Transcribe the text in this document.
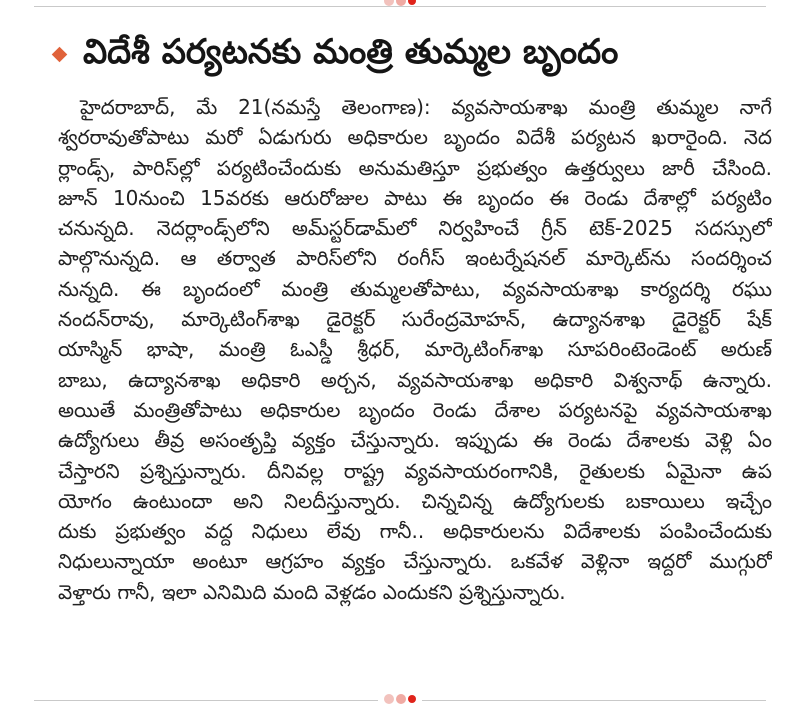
విదేశీ పర్యటనకు మంత్రి తుమ్మల బృందం
హైదరాబాద్, మే 21(నమస్తే తెలంగాణ): వ్యవసాయశాఖ మంత్రి తుమ్మల నాగే
శ్వరరావుతోపాటు మరో ఏడుగురు అధికారుల బృందం విదేశీ పర్యటన ఖరారైంది. నెద
ర్లాండ్స్, పారిస్‌ల్లో పర్యటించేందుకు అనుమతిస్తూ ప్రభుత్వం ఉత్తర్వులు జారీ చేసింది.
జూన్ 10నుంచి 15వరకు ఆరురోజుల పాటు ఈ బృందం ఈ రెండు దేశాల్లో పర్యటిం
చనున్నది. నెదర్లాండ్స్‌లోని అమ్‌స్టర్‌డామ్‌లో నిర్వహించే గ్రీన్ టెక్-2025 సదస్సులో
పాల్గొనున్నది. ఆ తర్వాత పారిస్‌లోని రంగీస్ ఇంటర్నేషనల్ మార్కెట్‌ను సందర్శించ
నున్నది. ఈ బృందంలో మంత్రి తుమ్మలతోపాటు, వ్యవసాయశాఖ కార్యదర్శి రఘు
నందన్‌రావు, మార్కెటింగ్‌శాఖ డైరెక్టర్ సురేంద్రమోహన్, ఉద్యానశాఖ డైరెక్టర్ షేక్
యాస్మిన్ భాషా, మంత్రి ఓఎస్డీ శ్రీధర్, మార్కెటింగ్‌శాఖ సూపరింటెండెంట్ అరుణ్
బాబు, ఉద్యానశాఖ అధికారి అర్చన, వ్యవసాయశాఖ అధికారి విశ్వనాథ్ ఉన్నారు.
అయితే మంత్రితోపాటు అధికారుల బృందం రెండు దేశాల పర్యటనపై వ్యవసాయశాఖ
ఉద్యోగులు తీవ్ర అసంతృప్తి వ్యక్తం చేస్తున్నారు. ఇప్పుడు ఈ రెండు దేశాలకు వెళ్లి ఏం
చేస్తారని ప్రశ్నిస్తున్నారు. దీనివల్ల రాష్ట్ర వ్యవసాయరంగానికి, రైతులకు ఏమైనా ఉప
యోగం ఉంటుందా అని నిలదీస్తున్నారు. చిన్నచిన్న ఉద్యోగులకు బకాయిలు ఇచ్చేం
దుకు ప్రభుత్వం వద్ద నిధులు లేవు గానీ.. అధికారులను విదేశాలకు పంపించేందుకు
నిధులున్నాయా అంటూ ఆగ్రహం వ్యక్తం చేస్తున్నారు. ఒకవేళ వెళ్లినా ఇద్దరో ముగ్గురో
వెళ్తారు గానీ, ఇలా ఎనిమిది మంది వెళ్లడం ఎందుకని ప్రశ్నిస్తున్నారు.
